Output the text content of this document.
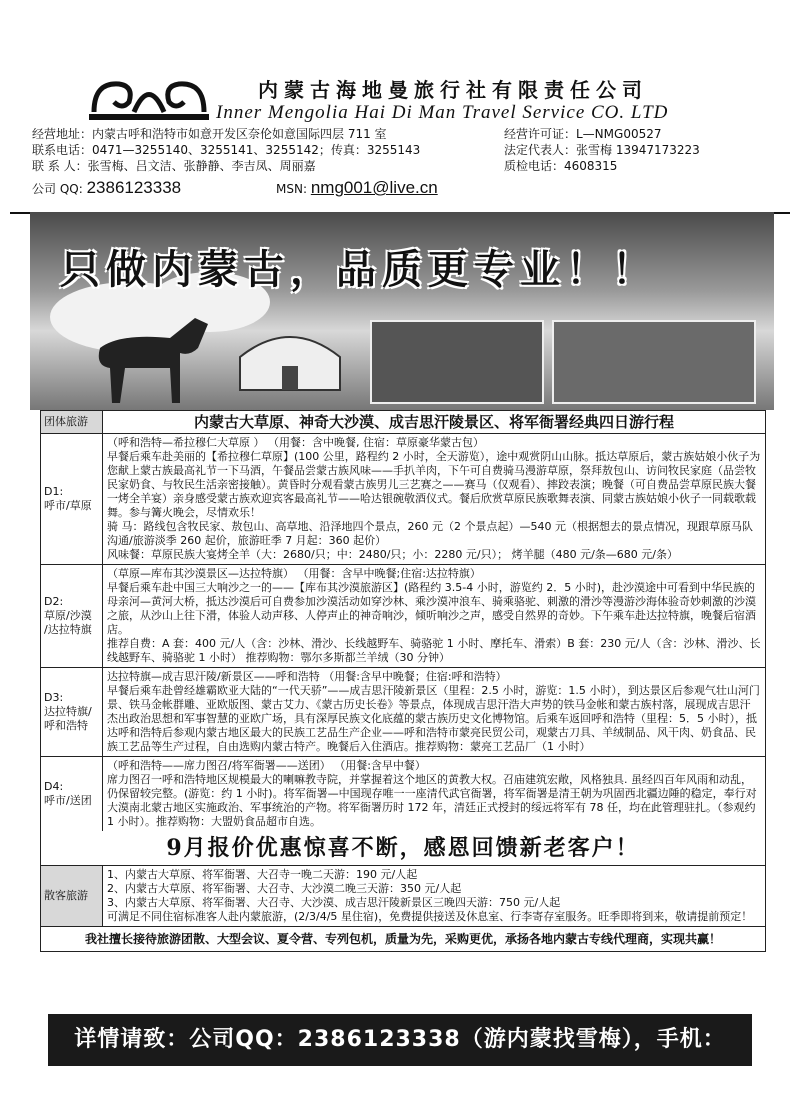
内蒙古海地曼旅行社有限责任公司
Inner Mengolia Hai Di Man Travel Service CO. LTD
经营地址：内蒙古呼和浩特市如意开发区奈伦如意国际四层 711 室	经营许可证：L—NMG00527
联系电话：0471—3255140、3255141、3255142；传真：3255143	法定代表人：张雪梅 13947173223
联 系 人：张雪梅、吕文洁、张静静、李吉凤、周丽嘉	质检电话：4608315
公司 QQ: 2386123338	MSN: nmg001@live.cn
只做内蒙古，品质更专业！！
团体旅游	内蒙古大草原、神奇大沙漠、成吉思汗陵景区、将军衙署经典四日游行程
D1:
呼市/草原

（呼和浩特—希拉穆仁大草原 ） （用餐：含中晚餐, 住宿：草原豪华蒙古包）

早餐后乘车赴美丽的【希拉穆仁草原】(100 公里，路程约 2 小时，全天游览），途中观赏阴山山脉。抵达草原后，蒙古族姑娘小伙子为您献上蒙古族最高礼节一下马酒，午餐品尝蒙古族风味——手扒羊肉，下午可自费骑马漫游草原，祭拜敖包山、访问牧民家庭（品尝牧民家奶食、与牧民生活亲密接触）。黄昏时分观看蒙古族男儿三艺赛之——赛马（仅观看）、摔跤表演；晚餐（可自费品尝草原民族大餐一烤全羊宴）亲身感受蒙古族欢迎宾客最高礼节——哈达银碗敬酒仪式。餐后欣赏草原民族歌舞表演、同蒙古族姑娘小伙子一同载歌载舞。参与篝火晚会，尽情欢乐！

骑 马：路线包含牧民家、敖包山、高草地、沿泽地四个景点，260 元（2 个景点起）—540 元（根据想去的景点情况，现跟草原马队沟通/旅游淡季 260 起价，旅游旺季 7 月起：360 起价）

风味餐：草原民族大宴烤全羊（大：2680/只；中：2480/只；小：2280 元/只）； 烤羊腿（480 元/条—680 元/条）

D2:
草原/沙漠
/达拉特旗

（草原—库布其沙漠景区—达拉特旗） （用餐：含早中晚餐;住宿:达拉特旗）

早餐后乘车赴中国三大响沙之一的——【库布其沙漠旅游区】(路程约 3.5-4 小时，游览约 2．5 小时)，赴沙漠途中可看到中华民族的母亲河—黄河大桥，抵达沙漠后可自费参加沙漠活动如穿沙林、乘沙漠冲浪车、骑乘骆驼、刺激的滑沙等漫游沙海体验奇妙刺激的沙漠之旅，从沙山上往下滑，体验人动声移、人停声止的神奇响沙，倾听响沙之声，感受自然界的奇妙。下午乘车赴达拉特旗，晚餐后宿酒店。

推荐自费：A 套：400 元/人（含：沙林、滑沙、长线越野车、骑骆驼 1 小时、摩托车、滑索）B 套：230 元/人（含：沙林、滑沙、长线越野车、骑骆驼 1 小时） 推荐购物：鄂尔多斯都兰羊绒（30 分钟）

D3:
达拉特旗/
呼和浩特

达拉特旗—成吉思汗陵/新景区——呼和浩特 （用餐:含早中晚餐；住宿:呼和浩特）

早餐后乘车赴曾经雄霸欧亚大陆的“一代天骄”——成吉思汗陵新景区（里程：2.5 小时，游览：1.5 小时），到达景区后参观气壮山河门景、铁马金帐群雕、亚欧版图、蒙古艾力、《蒙古历史长卷》等景点，体现成吉思汗浩大声势的铁马金帐和蒙古族村落，展现成吉思汗杰出政治思想和军事智慧的亚欧广场，具有深厚民族文化底蕴的蒙古族历史文化博物馆。后乘车返回呼和浩特（里程：5．5 小时），抵达呼和浩特后参观内蒙古地区最大的民族工艺品生产企业——呼和浩特市蒙亮民贸公司，观蒙古刀具、羊绒制品、风干肉、奶食品、民族工艺品等生产过程，自由选购内蒙古特产。晚餐后入住酒店。推荐购物：蒙亮工艺品厂（1 小时）

D4:
呼市/送团

（呼和浩特——席力图召/将军衙署——送团） （用餐:含早中餐）

席力图召一呼和浩特地区规模最大的喇嘛教寺院，并掌握着这个地区的黄教大权。召庙建筑宏敞，风格独具. 虽经四百年风雨和动乱，仍保留较完整。(游览：约 1 小时)。将军衙署—中国现存唯一一座清代武官衙署，将军衙署是清王朝为巩固西北疆边陲的稳定，奉行对大漠南北蒙古地区实施政治、军事统治的产物。将军衙署历时 172 年，清廷正式授封的绥远将军有 78 任，均在此管理驻扎。（参观约 1 小时）。推荐购物：大盟奶食品超市自选。

9月报价优惠惊喜不断，感恩回馈新老客户！
散客旅游

1、内蒙古大草原、将军衙署、大召寺一晚二天游：190 元/人起

2、内蒙古大草原、将军衙署、大召寺、大沙漠二晚三天游：350 元/人起

3、内蒙古大草原、将军衙署、大召寺、大沙漠、成吉思汗陵新景区三晚四天游：750 元/人起

可满足不同住宿标准客人赴内蒙旅游，(2/3/4/5 星住宿)，免费提供接送及休息室、行李寄存室服务。旺季即将到来，敬请提前预定！

我社擅长接待旅游团散、大型会议、夏令营、专列包机，质量为先，采购更优，承扬各地内蒙古专线代理商，实现共赢！
详情请致：公司QQ：2386123338（游内蒙找雪梅），手机：13947173223
